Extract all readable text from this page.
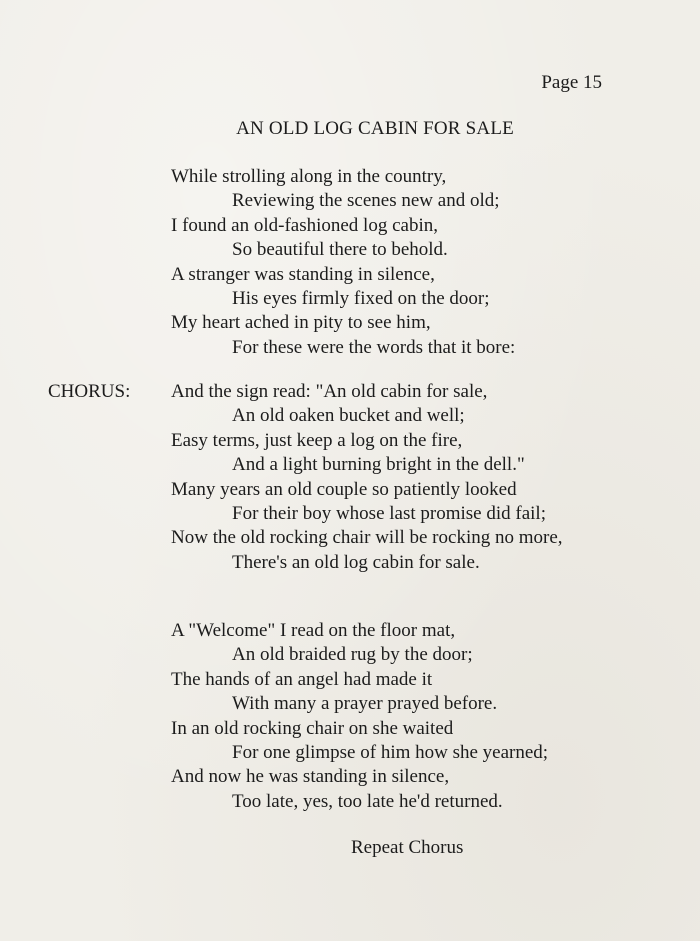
Page 15
AN OLD LOG CABIN FOR SALE
While strolling along in the country,
Reviewing the scenes new and old;
I found an old-fashioned log cabin,
So beautiful there to behold.
A stranger was standing in silence,
His eyes firmly fixed on the door;
My heart ached in pity to see him,
For these were the words that it bore:
CHORUS: And the sign read: "An old cabin for sale,
An old oaken bucket and well;
Easy terms, just keep a log on the fire,
And a light burning bright in the dell."
Many years an old couple so patiently looked
For their boy whose last promise did fail;
Now the old rocking chair will be rocking no more,
There's an old log cabin for sale.
A "Welcome" I read on the floor mat,
An old braided rug by the door;
The hands of an angel had made it
With many a prayer prayed before.
In an old rocking chair on she waited
For one glimpse of him how she yearned;
And now he was standing in silence,
Too late, yes, too late he'd returned.
Repeat Chorus
